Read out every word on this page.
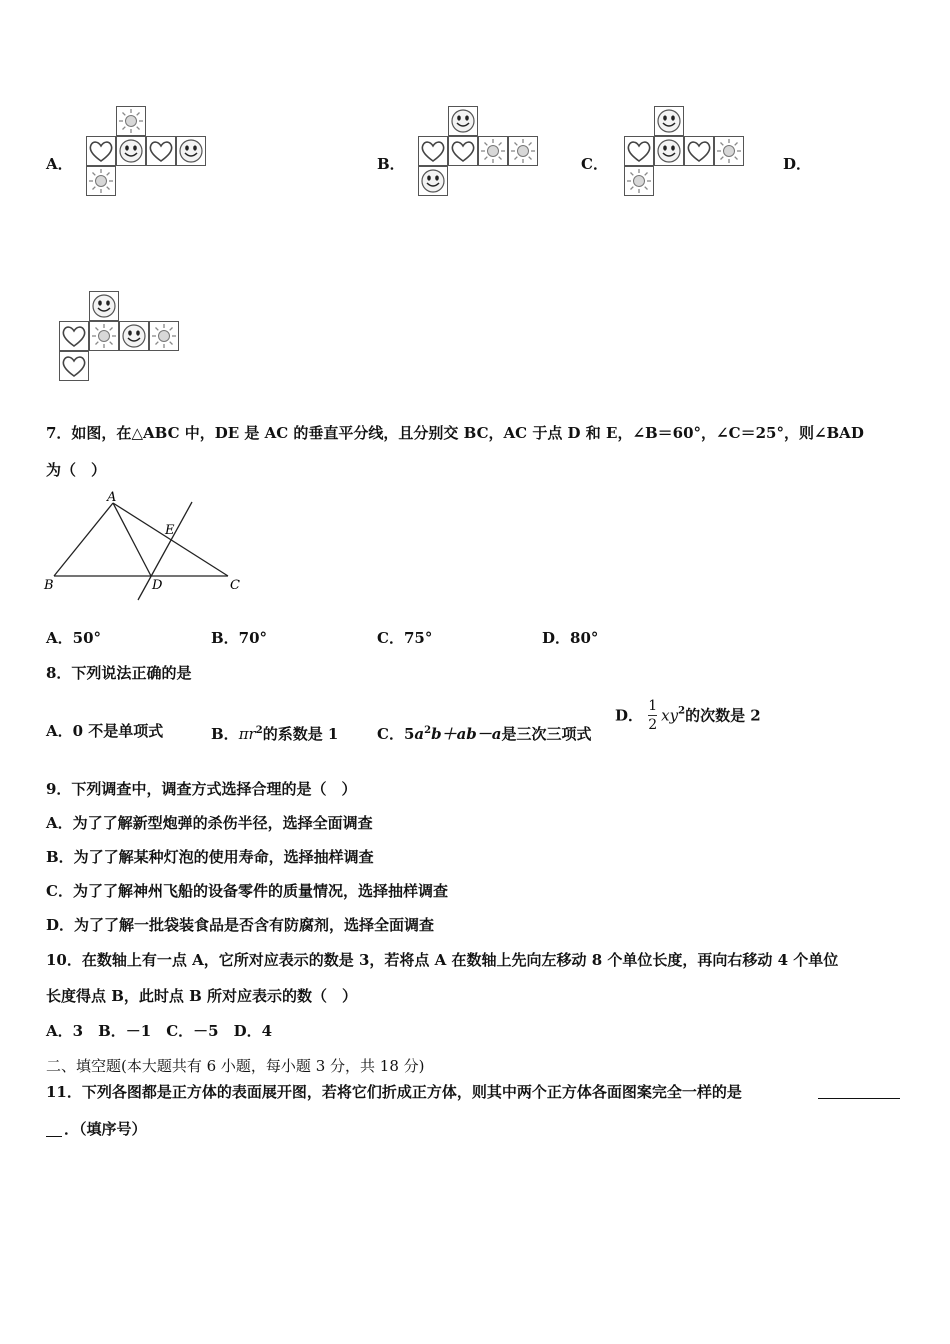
A．	B．	C．	D．
7．如图，在△ABC 中，DE 是 AC 的垂直平分线，且分别交 BC，AC 于点 D 和 E，∠B＝60°，∠C＝25°，则∠BAD
为（　）
A
B	C
D
E
A．50°	B．70°	C．75°	D．80°
8．下列说法正确的是
A．0 不是单项式	B．$\pi r^2$的系数是 1	C．$5a^2b+ab-a$是三次三项式
D． $\frac{1}{2} xy^2$的次数是 2
9．下列调查中，调查方式选择合理的是（　）
A．为了了解新型炮弹的杀伤半径，选择全面调查
B．为了了解某种灯泡的使用寿命，选择抽样调查
C．为了了解神州飞船的设备零件的质量情况，选择抽样调查
D．为了了解一批袋装食品是否含有防腐剂，选择全面调查
10．在数轴上有一点 A，它所对应表示的数是 3，若将点 A 在数轴上先向左移动 8 个单位长度，再向右移动 4 个单位
长度得点 B，此时点 B 所对应表示的数（　）
A．3　B．－1　C．－5　D．4
二、填空题(本大题共有 6 小题，每小题 3 分，共 18 分)
11．下列各图都是正方体的表面展开图，若将它们折成正方体，则其中两个正方体各面图案完全一样的是
．（填序号）
